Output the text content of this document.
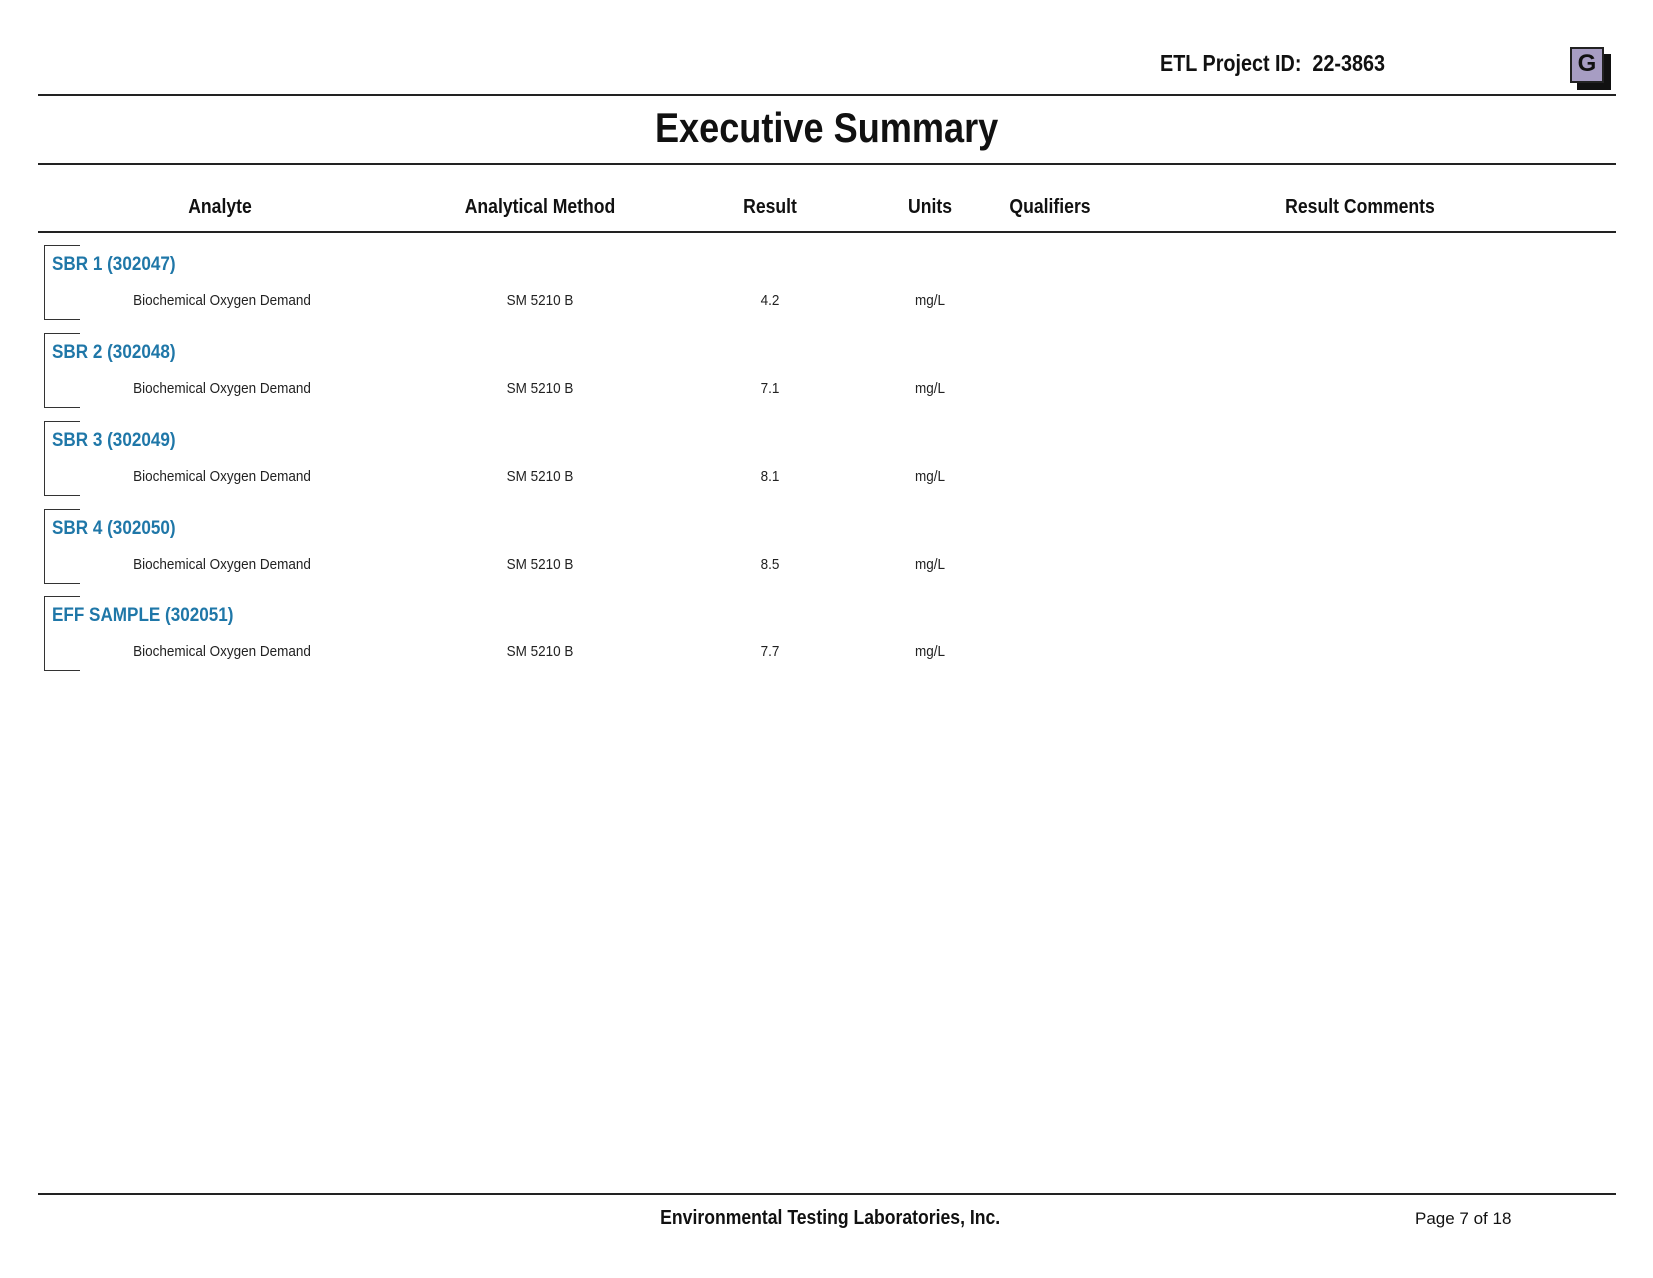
ETL Project ID:  22-3863	G
Executive Summary
Analyte	Analytical Method	Result	Units	Qualifiers	Result Comments
SBR 1 (302047)
Biochemical Oxygen Demand	SM 5210 B	4.2	mg/L
SBR 2 (302048)
Biochemical Oxygen Demand	SM 5210 B	7.1	mg/L
SBR 3 (302049)
Biochemical Oxygen Demand	SM 5210 B	8.1	mg/L
SBR 4 (302050)
Biochemical Oxygen Demand	SM 5210 B	8.5	mg/L
EFF SAMPLE (302051)
Biochemical Oxygen Demand	SM 5210 B	7.7	mg/L
Environmental Testing Laboratories, Inc.	Page 7 of 18
